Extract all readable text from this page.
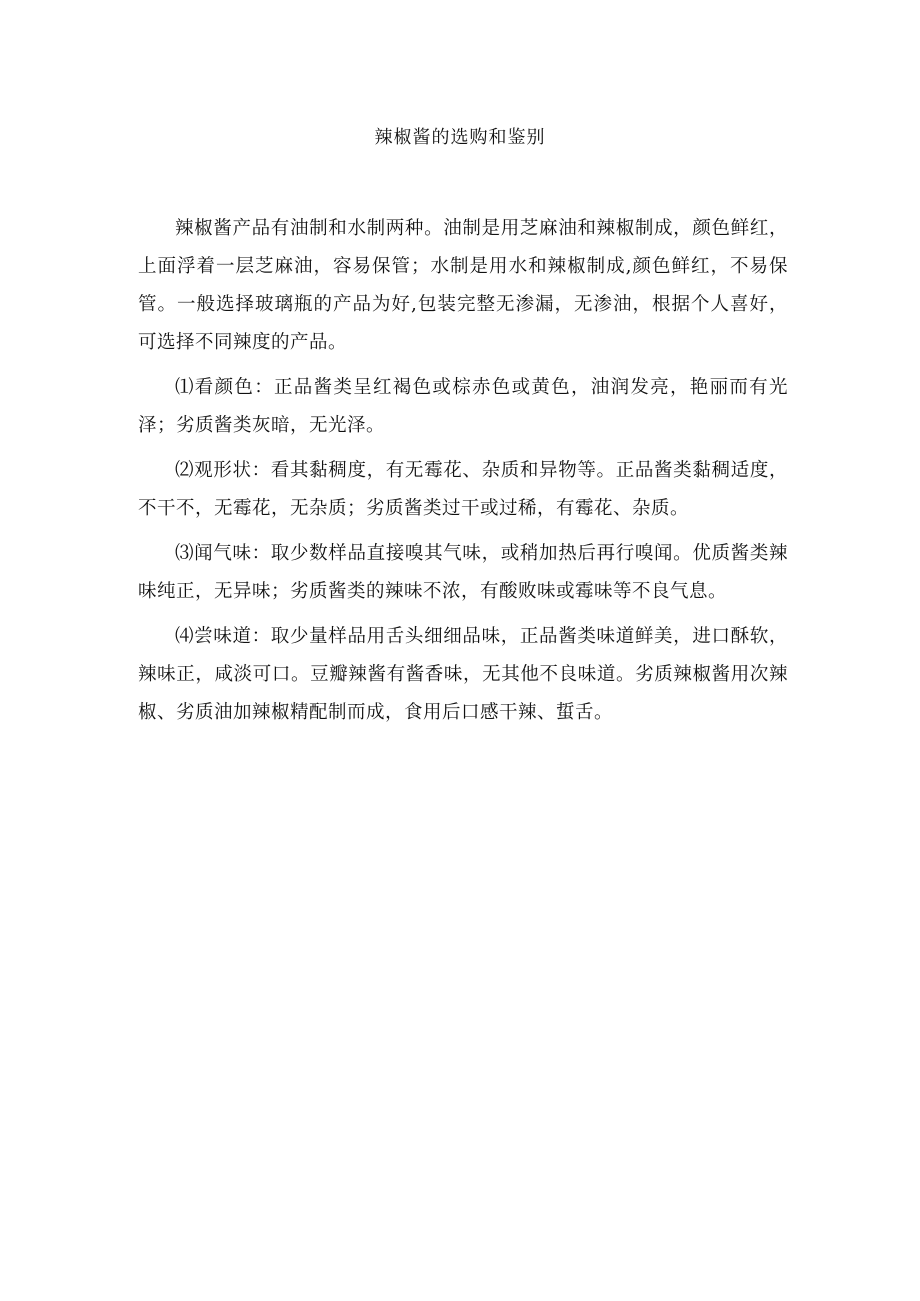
辣椒酱的选购和鉴别

辣椒酱产品有油制和水制两种。油制是用芝麻油和辣椒制成，颜色鲜红，上面浮着一层芝麻油，容易保管；水制是用水和辣椒制成,颜色鲜红，不易保管。一般选择玻璃瓶的产品为好,包装完整无渗漏，无渗油，根据个人喜好，可选择不同辣度的产品。

⑴看颜色：正品酱类呈红褐色或棕赤色或黄色，油润发亮，艳丽而有光泽；劣质酱类灰暗，无光泽。

⑵观形状：看其黏稠度，有无霉花、杂质和异物等。正品酱类黏稠适度，不干不，无霉花，无杂质；劣质酱类过干或过稀，有霉花、杂质。

⑶闻气味：取少数样品直接嗅其气味，或稍加热后再行嗅闻。优质酱类辣味纯正，无异味；劣质酱类的辣味不浓，有酸败味或霉味等不良气息。

⑷尝味道：取少量样品用舌头细细品味，正品酱类味道鲜美，进口酥软，辣味正，咸淡可口。豆瓣辣酱有酱香味，无其他不良味道。劣质辣椒酱用次辣椒、劣质油加辣椒精配制而成，食用后口感干辣、蜇舌。
